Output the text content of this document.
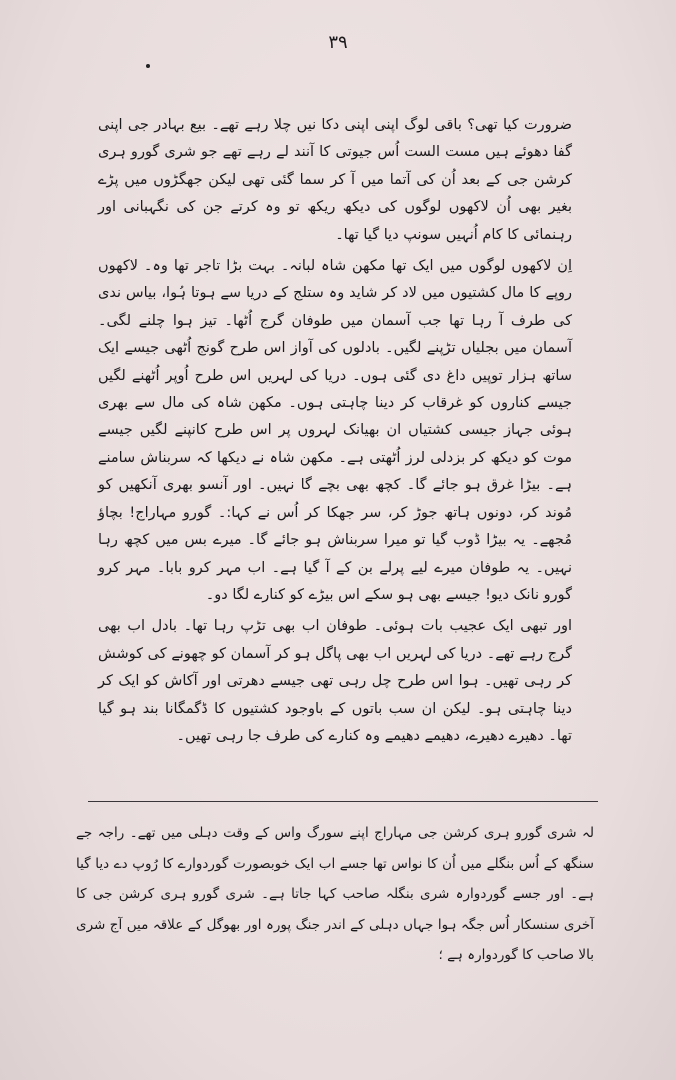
۳۹

ضرورت کیا تھی؟ باقی لوگ اپنی اپنی دکا نیں چلا رہے تھے۔ بیع بہادر جی اپنی گفا دھوئے ہیں مست الست اُس جیوتی کا آنند لے رہے تھے جو شری گورو ہری کرشن جی کے بعد اُن کی آتما میں آ کر سما گئی تھی لیکن جھگڑوں میں پڑے بغیر بھی اُن لاکھوں لوگوں کی دیکھ ریکھ تو وہ کرتے جن کی نگہبانی اور رہنمائی کا کام اُنہیں سونپ دیا گیا تھا۔

اِن لاکھوں لوگوں میں ایک تھا مکھن شاہ لبانہ۔ بہت بڑا تاجر تھا وہ۔ لاکھوں روپے کا مال کشتیوں میں لاد کر شاید وہ ستلج کے دریا سے ہوتا ہُوا، بیاس ندی کی طرف آ رہا تھا جب آسمان میں طوفان گرج اُٹھا۔ تیز ہوا چلنے لگی۔ آسمان میں بجلیاں تڑپنے لگیں۔ بادلوں کی آواز اس طرح گونج اُٹھی جیسے ایک ساتھ ہزار توپیں داغ دی گئی ہوں۔ دریا کی لہریں اس طرح اُوپر اُٹھنے لگیں جیسے کناروں کو غرقاب کر دینا چاہتی ہوں۔ مکھن شاہ کی مال سے بھری ہوئی جہاز جیسی کشتیاں ان بھیانک لہروں پر اس طرح کانپنے لگیں جیسے موت کو دیکھ کر بزدلی لرز اُٹھتی ہے۔ مکھن شاہ نے دیکھا کہ سربناش سامنے ہے۔ بیڑا غرق ہو جائے گا۔ کچھ بھی بچے گا نہیں۔ اور آنسو بھری آنکھیں کو مُوند کر، دونوں ہاتھ جوڑ کر، سر جھکا کر اُس نے کہا:۔ گورو مہاراج! بچاؤ مُجھے۔ یہ بیڑا ڈوب گیا تو میرا سربناش ہو جائے گا۔ میرے بس میں کچھ رہا نہیں۔ یہ طوفان میرے لیے پرلے بن کے آ گیا ہے۔ اب مہر کرو بابا۔ مہر کرو گورو نانک دیو! جیسے بھی ہو سکے اس بیڑے کو کنارے لگا دو۔

اور تبھی ایک عجیب بات ہوئی۔ طوفان اب بھی تڑپ رہا تھا۔ بادل اب بھی گرج رہے تھے۔ دریا کی لہریں اب بھی پاگل ہو کر آسمان کو چھونے کی کوشش کر رہی تھیں۔ ہوا اس طرح چل رہی تھی جیسے دھرتی اور آکاش کو ایک کر دینا چاہتی ہو۔ لیکن ان سب باتوں کے باوجود کشتیوں کا ڈگمگانا بند ہو گیا تھا۔ دھیرے دھیرے، دھیمے دھیمے وہ کنارے کی طرف جا رہی تھیں۔

لہ شری گورو ہری کرشن جی مہاراج اپنے سورگ واس کے وقت دہلی میں تھے۔ راجہ جے سنگھ کے اُس بنگلے میں اُن کا نواس تھا جسے اب ایک خوبصورت گوردوارے کا رُوپ دے دیا گیا ہے۔ اور جسے گوردوارہ شری بنگلہ صاحب کہا جاتا ہے۔ شری گورو ہری کرشن جی کا آخری سنسکار اُس جگہ ہوا جہاں دہلی کے اندر جنگ پورہ اور بھوگل کے علاقہ میں آج شری بالا صاحب کا گوردوارہ ہے ؛
